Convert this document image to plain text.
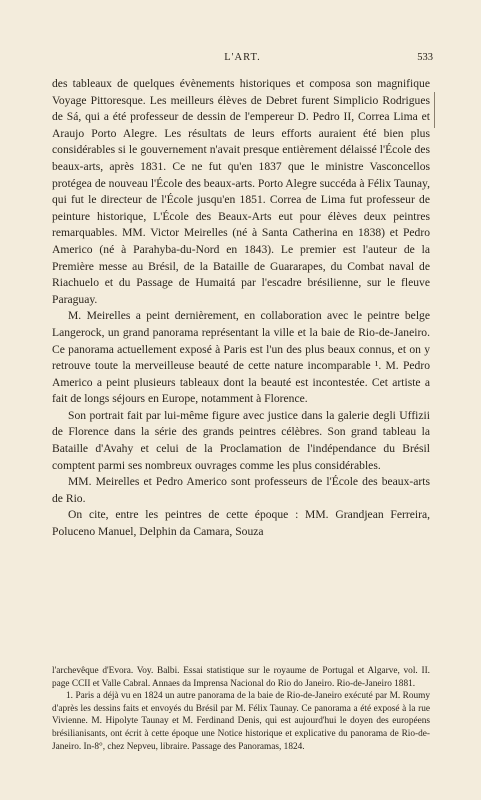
L'ART.	533

des tableaux de quelques évènements historiques et composa son magnifique Voyage Pittoresque. Les meilleurs élèves de Debret furent Simplicio Rodrigues de Sá, qui a été professeur de dessin de l'empereur D. Pedro II, Correa Lima et Araujo Porto Alegre. Les résultats de leurs efforts auraient été bien plus considérables si le gouvernement n'avait presque entièrement délaissé l'École des beaux-arts, après 1831. Ce ne fut qu'en 1837 que le ministre Vasconcellos protégea de nouveau l'École des beaux-arts. Porto Alegre succéda à Félix Taunay, qui fut le directeur de l'École jusqu'en 1851. Correa de Lima fut professeur de peinture historique, L'École des Beaux-Arts eut pour élèves deux peintres remarquables. MM. Victor Meirelles (né à Santa Catherina en 1838) et Pedro Americo (né à Parahyba-du-Nord en 1843). Le premier est l'auteur de la Première messe au Brésil, de la Bataille de Guararapes, du Combat naval de Riachuelo et du Passage de Humaitá par l'escadre brésilienne, sur le fleuve Paraguay.

M. Meirelles a peint dernièrement, en collaboration avec le peintre belge Langerock, un grand panorama représentant la ville et la baie de Rio-de-Janeiro. Ce panorama actuellement exposé à Paris est l'un des plus beaux connus, et on y retrouve toute la merveilleuse beauté de cette nature incomparable ¹. M. Pedro Americo a peint plusieurs tableaux dont la beauté est incontestée. Cet artiste a fait de longs séjours en Europe, notamment à Florence.

Son portrait fait par lui-même figure avec justice dans la galerie degli Uffizii de Florence dans la série des grands peintres célèbres. Son grand tableau la Bataille d'Avahy et celui de la Proclamation de l'indépendance du Brésil comptent parmi ses nombreux ouvrages comme les plus considérables.

MM. Meirelles et Pedro Americo sont professeurs de l'École des beaux-arts de Rio.

On cite, entre les peintres de cette époque : MM. Grandjean Ferreira, Poluceno Manuel, Delphin da Camara, Souza

l'archevêque d'Evora. Voy. Balbi. Essai statistique sur le royaume de Portugal et Algarve, vol. II. page CCII et Valle Cabral. Annaes da Imprensa Nacional do Rio do Janeiro. Rio-de-Janeiro 1881.

1. Paris a déjà vu en 1824 un autre panorama de la baie de Rio-de-Janeiro exécuté par M. Roumy d'après les dessins faits et envoyés du Brésil par M. Félix Taunay. Ce panorama a été exposé à la rue Vivienne. M. Hipolyte Taunay et M. Ferdinand Denis, qui est aujourd'hui le doyen des européens brésilianisants, ont écrit à cette époque une Notice historique et explicative du panorama de Rio-de-Janeiro. In-8°, chez Nepveu, libraire. Passage des Panoramas, 1824.
